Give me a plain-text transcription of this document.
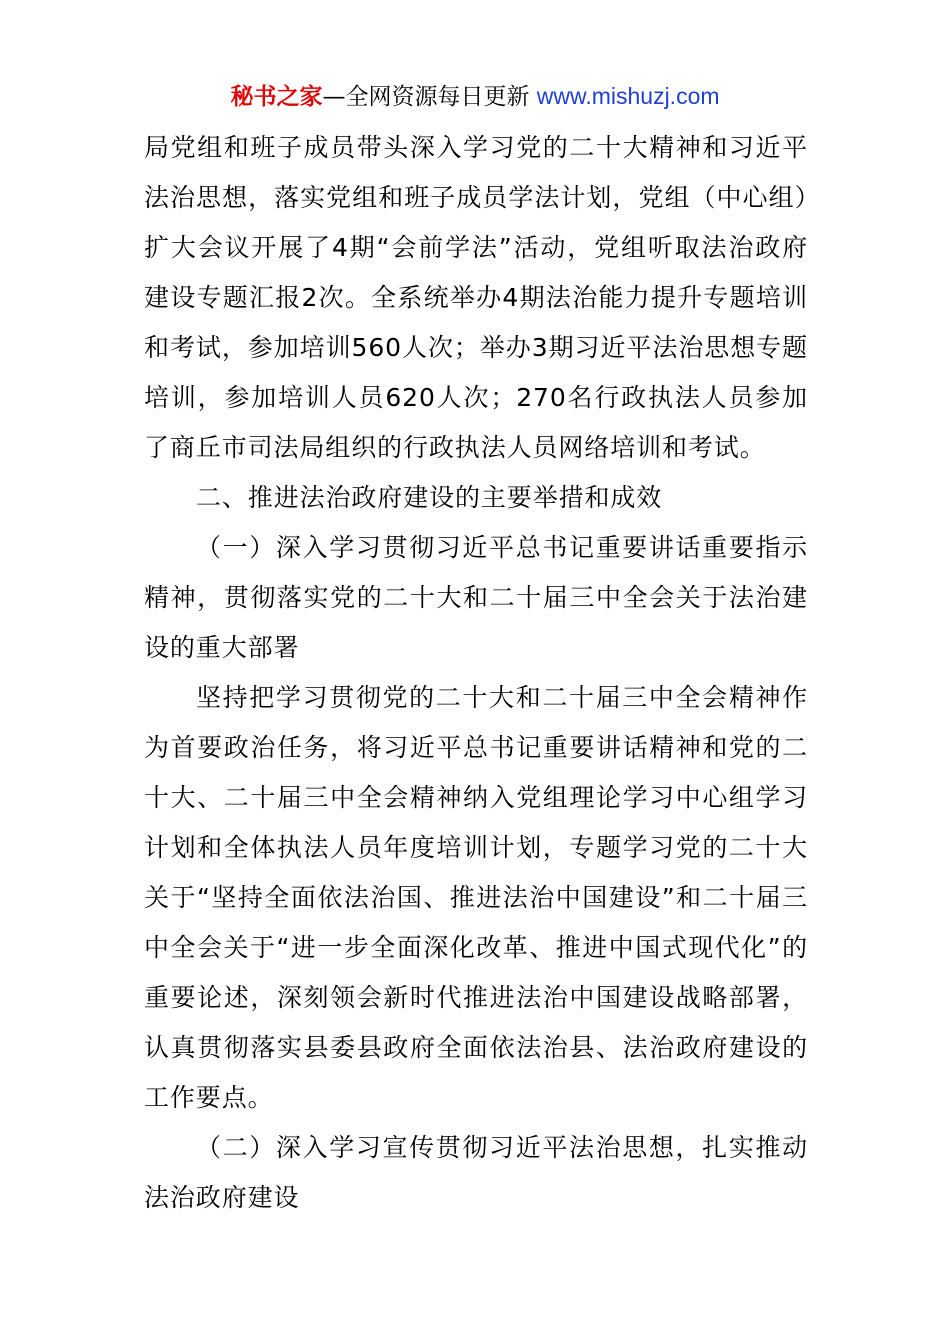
秘书之家—全网资源每日更新 www.mishuzj.com

局党组和班子成员带头深入学习党的二十大精神和习近平法治思想，落实党组和班子成员学法计划，党组（中心组）扩大会议开展了4期“会前学法”活动，党组听取法治政府建设专题汇报2次。全系统举办4期法治能力提升专题培训和考试，参加培训560人次；举办3期习近平法治思想专题培训，参加培训人员620人次；270名行政执法人员参加了商丘市司法局组织的行政执法人员网络培训和考试。

二、推进法治政府建设的主要举措和成效

（一）深入学习贯彻习近平总书记重要讲话重要指示精神，贯彻落实党的二十大和二十届三中全会关于法治建设的重大部署

坚持把学习贯彻党的二十大和二十届三中全会精神作为首要政治任务，将习近平总书记重要讲话精神和党的二十大、二十届三中全会精神纳入党组理论学习中心组学习计划和全体执法人员年度培训计划，专题学习党的二十大关于“坚持全面依法治国、推进法治中国建设”和二十届三中全会关于“进一步全面深化改革、推进中国式现代化”的重要论述，深刻领会新时代推进法治中国建设战略部署，认真贯彻落实县委县政府全面依法治县、法治政府建设的工作要点。

（二）深入学习宣传贯彻习近平法治思想，扎实推动法治政府建设
